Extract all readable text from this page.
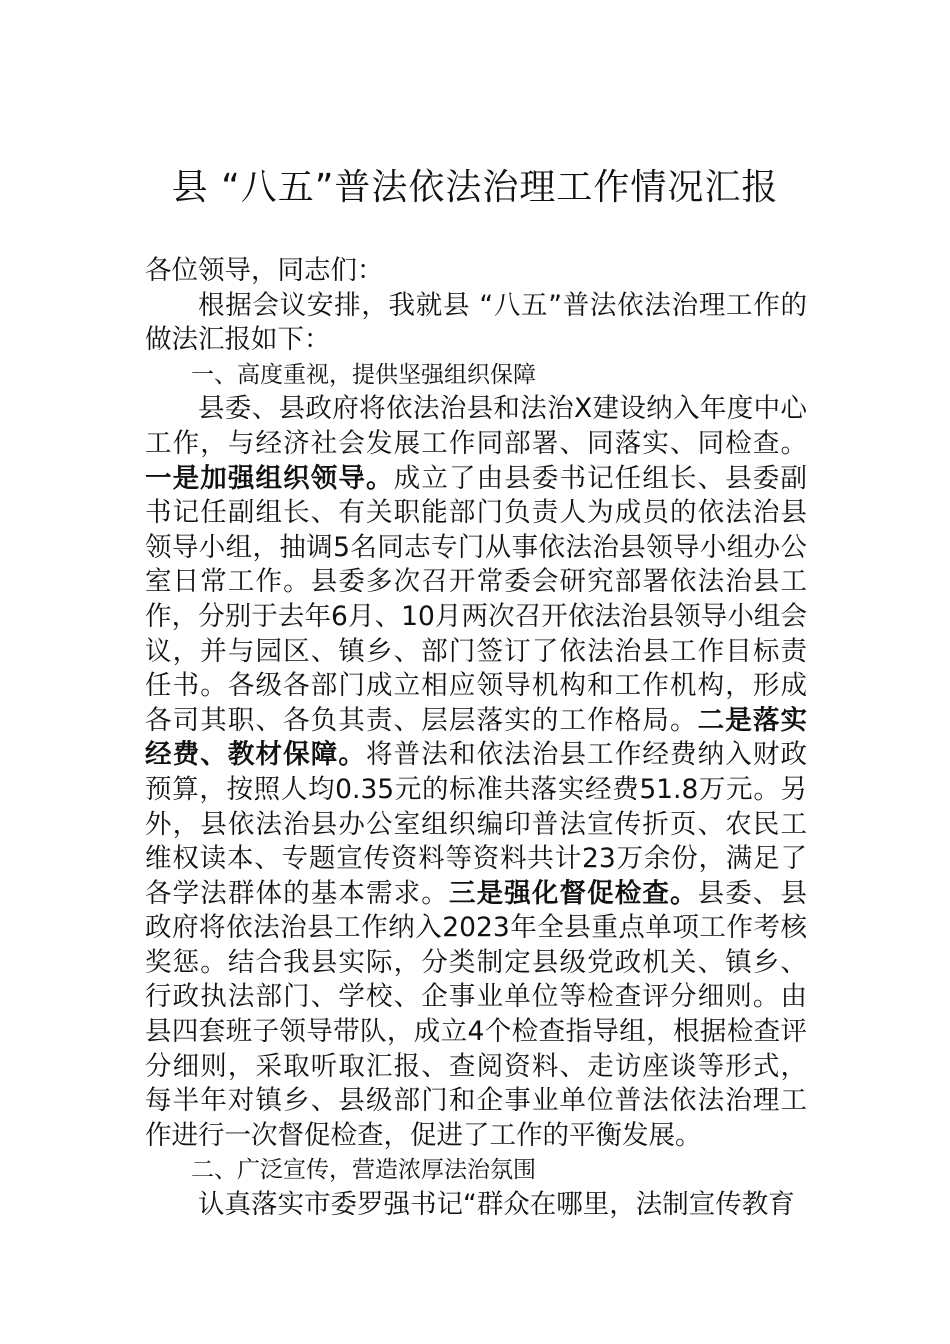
县 “八五”普法依法治理工作情况汇报

各位领导，同志们：

根据会议安排，我就县 “八五”普法依法治理工作的做法汇报如下：

一、高度重视，提供坚强组织保障

县委、县政府将依法治县和法治X建设纳入年度中心工作，与经济社会发展工作同部署、同落实、同检查。一是加强组织领导。成立了由县委书记任组长、县委副书记任副组长、有关职能部门负责人为成员的依法治县领导小组，抽调5名同志专门从事依法治县领导小组办公室日常工作。县委多次召开常委会研究部署依法治县工作，分别于去年6月、10月两次召开依法治县领导小组会议，并与园区、镇乡、部门签订了依法治县工作目标责任书。各级各部门成立相应领导机构和工作机构，形成各司其职、各负其责、层层落实的工作格局。二是落实经费、教材保障。将普法和依法治县工作经费纳入财政预算，按照人均0.35元的标准共落实经费51.8万元。另外，县依法治县办公室组织编印普法宣传折页、农民工维权读本、专题宣传资料等资料共计23万余份，满足了各学法群体的基本需求。三是强化督促检查。县委、县政府将依法治县工作纳入2023年全县重点单项工作考核奖惩。结合我县实际，分类制定县级党政机关、镇乡、行政执法部门、学校、企事业单位等检查评分细则。由县四套班子领导带队，成立4个检查指导组，根据检查评分细则，采取听取汇报、查阅资料、走访座谈等形式，每半年对镇乡、县级部门和企事业单位普法依法治理工作进行一次督促检查，促进了工作的平衡发展。

二、广泛宣传，营造浓厚法治氛围

认真落实市委罗强书记“群众在哪里，法制宣传教育
